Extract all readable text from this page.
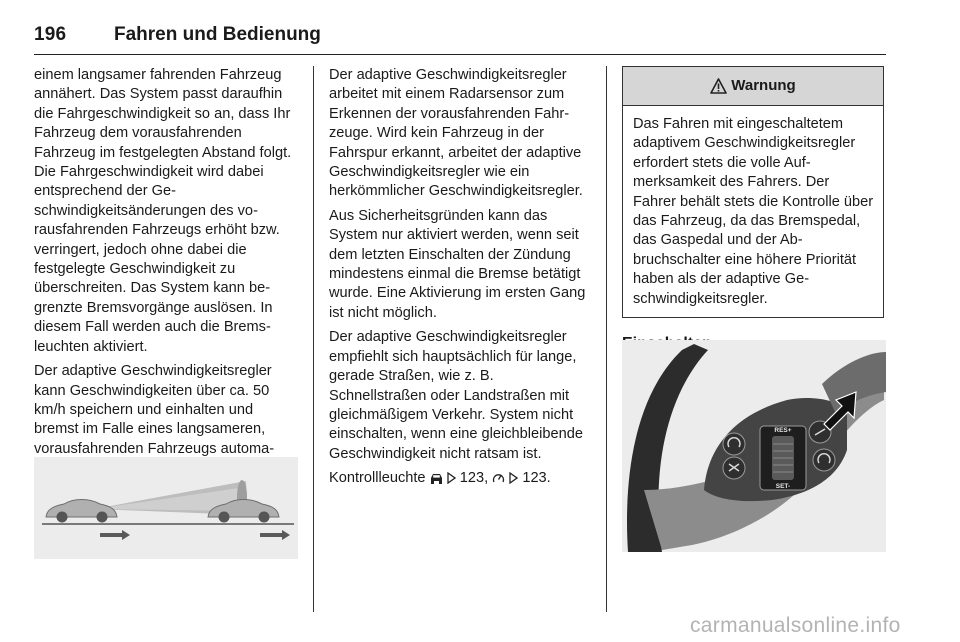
196	Fahren und Bedienung

einem langsamer fahrenden Fahrzeug annähert. Das System passt daraufhin die Fahrgeschwindigkeit so an, dass Ihr Fahrzeug dem vorausfahrenden Fahrzeug im festgelegten Abstand folgt. Die Fahrgeschwindigkeit wird dabei entsprechend der Geschwindigkeitsänderungen des vorausfahrenden Fahrzeugs erhöht bzw. verringert, jedoch ohne dabei die festgelegte Geschwindigkeit zu überschreiten. Das System kann begrenzte Bremsvorgänge auslösen. In diesem Fall werden auch die Bremsleuchten aktiviert.

Der adaptive Geschwindigkeitsregler kann Geschwindigkeiten über ca. 50 km/h speichern und einhalten und bremst im Falle eines langsameren, vorausfahrenden Fahrzeugs automa

Der adaptive Geschwindigkeitsregler arbeitet mit einem Radarsensor zum Erkennen der vorausfahrenden Fahrzeuge. Wird kein Fahrzeug in der Fahrspur erkannt, arbeitet der adaptive Geschwindigkeitsregler wie ein herkömmlicher Geschwindigkeitsregler.

Aus Sicherheitsgründen kann das System nur aktiviert werden, wenn seit dem letzten Einschalten der Zündung mindestens einmal die Bremse betätigt wurde. Eine Aktivierung im ersten Gang ist nicht möglich.

Der adaptive Geschwindigkeitsregler empfiehlt sich hauptsächlich für lange, gerade Straßen, wie z. B. Schnellstraßen oder Landstraßen mit gleichmäßigem Verkehr. System nicht einschalten, wenn eine gleichbleibende Geschwindigkeit nicht ratsam ist.

Kontrollleuchte 123, 123.

Warnung
Das Fahren mit eingeschaltetem adaptivem Geschwindigkeitsregler erfordert stets die volle Aufmerksamkeit des Fahrers. Der Fahrer behält stets die Kontrolle über das Fahrzeug, da das Bremspedal, das Gaspedal und der Abbruchschalter eine höhere Priorität haben als der adaptive Geschwindigkeitsregler.
RES+
SET-
carmanualsonline.info
